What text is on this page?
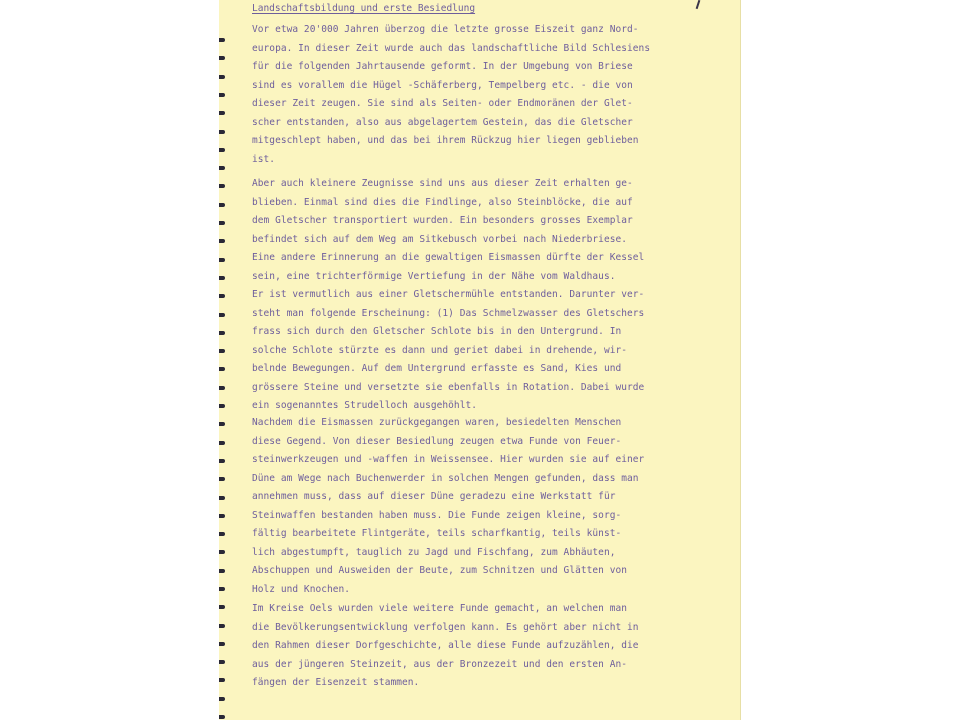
Landschaftsbildung und erste Besiedlung

Vor etwa 20'000 Jahren überzog die letzte grosse Eiszeit ganz Nord-
europa. In dieser Zeit wurde auch das landschaftliche Bild Schlesiens
für die folgenden Jahrtausende geformt. In der Umgebung von Briese
sind es vorallem die Hügel -Schäferberg, Tempelberg etc. - die von
dieser Zeit zeugen. Sie sind als Seiten- oder Endmoränen der Glet-
scher entstanden, also aus abgelagertem Gestein, das die Gletscher
mitgeschlept haben, und das bei ihrem Rückzug hier liegen geblieben
ist.

Aber auch kleinere Zeugnisse sind uns aus dieser Zeit erhalten ge-
blieben. Einmal sind dies die Findlinge, also Steinblöcke, die auf
dem Gletscher transportiert wurden. Ein besonders grosses Exemplar
befindet sich auf dem Weg am Sitkebusch vorbei nach Niederbriese.
Eine andere Erinnerung an die gewaltigen Eismassen dürfte der Kessel
sein, eine trichterförmige Vertiefung in der Nähe vom Waldhaus.
Er ist vermutlich aus einer Gletschermühle entstanden. Darunter ver-
steht man folgende Erscheinung: (1) Das Schmelzwasser des Gletschers
frass sich durch den Gletscher Schlote bis in den Untergrund. In
solche Schlote stürzte es dann und geriet dabei in drehende, wir-
belnde Bewegungen. Auf dem Untergrund erfasste es Sand, Kies und
grössere Steine und versetzte sie ebenfalls in Rotation. Dabei wurde
ein sogenanntes Strudelloch ausgehöhlt.

Nachdem die Eismassen zurückgegangen waren, besiedelten Menschen
diese Gegend. Von dieser Besiedlung zeugen etwa Funde von Feuer-
steinwerkzeugen und -waffen in Weissensee. Hier wurden sie auf einer
Düne am Wege nach Buchenwerder in solchen Mengen gefunden, dass man
annehmen muss, dass auf dieser Düne geradezu eine Werkstatt für
Steinwaffen bestanden haben muss. Die Funde zeigen kleine, sorg-
fältig bearbeitete Flintgeräte, teils scharfkantig, teils künst-
lich abgestumpft, tauglich zu Jagd und Fischfang, zum Abhäuten,
Abschuppen und Ausweiden der Beute, zum Schnitzen und Glätten von
Holz und Knochen.

Im Kreise Oels wurden viele weitere Funde gemacht, an welchen man
die Bevölkerungsentwicklung verfolgen kann. Es gehört aber nicht in
den Rahmen dieser Dorfgeschichte, alle diese Funde aufzuzählen, die
aus der jüngeren Steinzeit, aus der Bronzezeit und den ersten An-
fängen der Eisenzeit stammen.
